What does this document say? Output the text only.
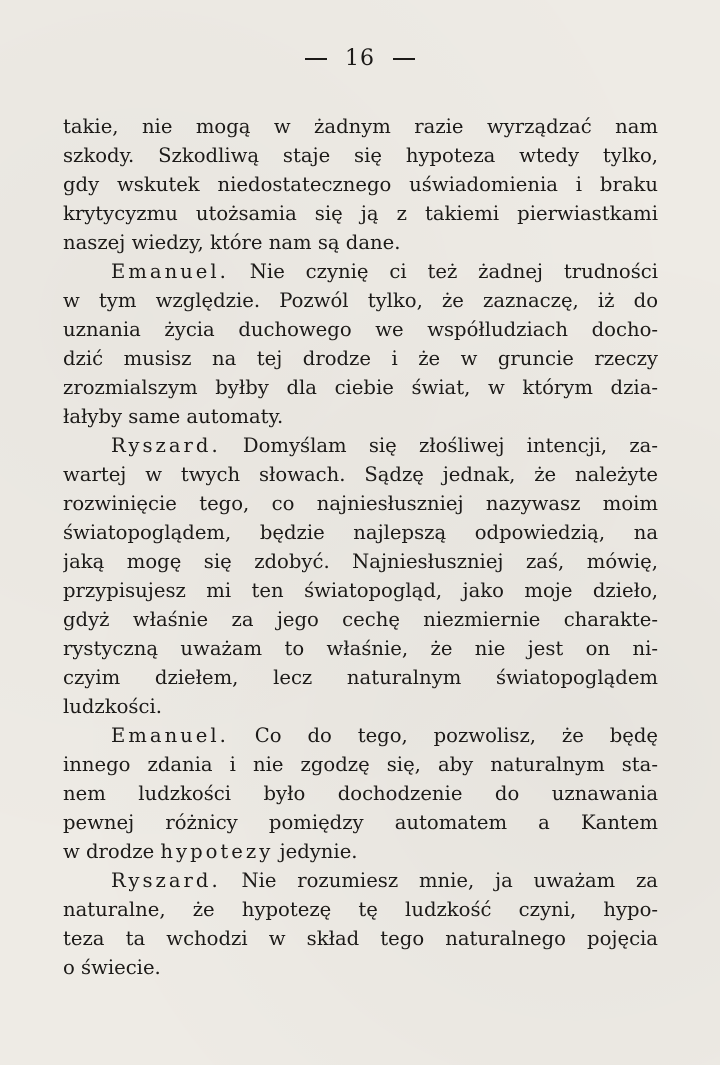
16
takie, nie mogą w żadnym razie wyrządzać nam
szkody. Szkodliwą staje się hypoteza wtedy tylko,
gdy wskutek niedostatecznego uświadomienia i braku
krytycyzmu utożsamia się ją z takiemi pierwiastkami
naszej wiedzy, które nam są dane.
Emanuel. Nie czynię ci też żadnej trudności
w tym względzie. Pozwól tylko, że zaznaczę, iż do
uznania życia duchowego we współludziach docho-
dzić musisz na tej drodze i że w gruncie rzeczy
zrozmialszym byłby dla ciebie świat, w którym dzia-
łałyby same automaty.
Ryszard. Domyślam się złośliwej intencji, za-
wartej w twych słowach. Sądzę jednak, że należyte
rozwinięcie tego, co najniesłuszniej nazywasz moim
światopoglądem, będzie najlepszą odpowiedzią, na
jaką mogę się zdobyć. Najniesłuszniej zaś, mówię,
przypisujesz mi ten światopogląd, jako moje dzieło,
gdyż właśnie za jego cechę niezmiernie charakte-
rystyczną uważam to właśnie, że nie jest on ni-
czyim dziełem, lecz naturalnym światopoglądem
ludzkości.
Emanuel. Co do tego, pozwolisz, że będę
innego zdania i nie zgodzę się, aby naturalnym sta-
nem ludzkości było dochodzenie do uznawania
pewnej różnicy pomiędzy automatem a Kantem
w drodze hypotezy jedynie.
Ryszard. Nie rozumiesz mnie, ja uważam za
naturalne, że hypotezę tę ludzkość czyni, hypo-
teza ta wchodzi w skład tego naturalnego pojęcia
o świecie.
